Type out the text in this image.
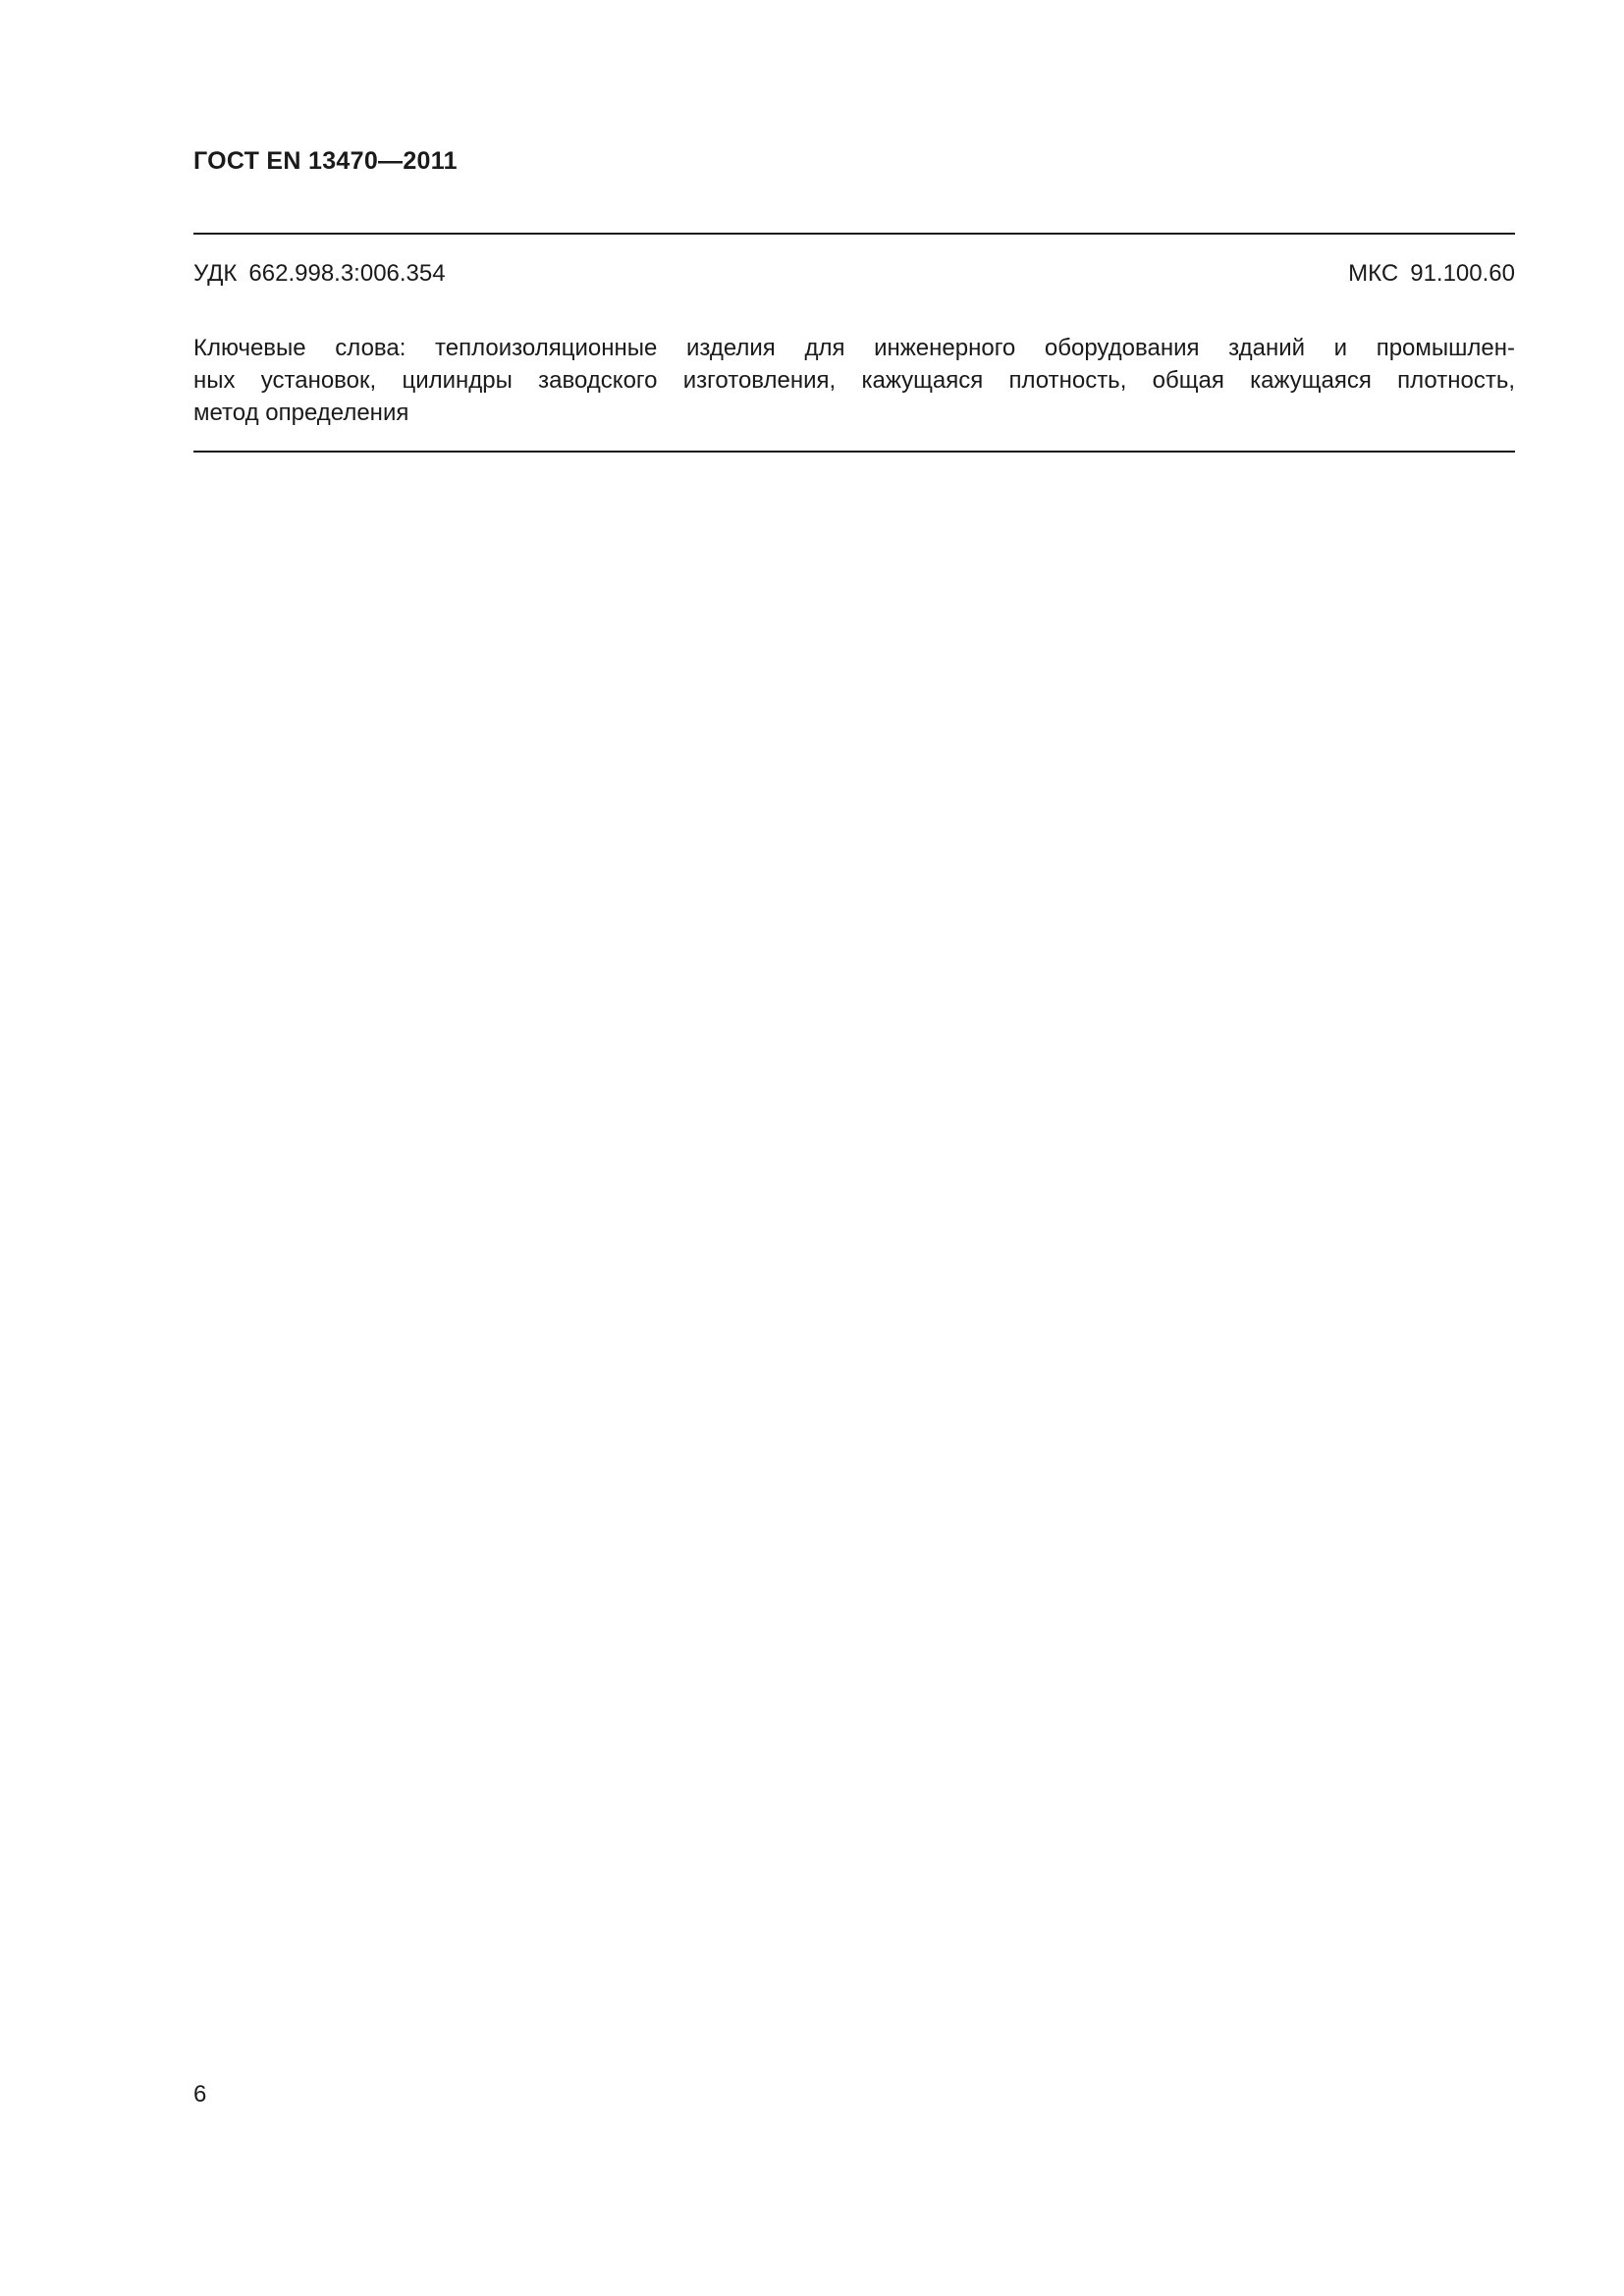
ГОСТ EN 13470—2011
УДК 662.998.3:006.354	МКС 91.100.60
Ключевые слова: теплоизоляционные изделия для инженерного оборудования зданий и промышлен-
ных установок, цилиндры заводского изготовления, кажущаяся плотность, общая кажущаяся плотность,
метод определения
6
